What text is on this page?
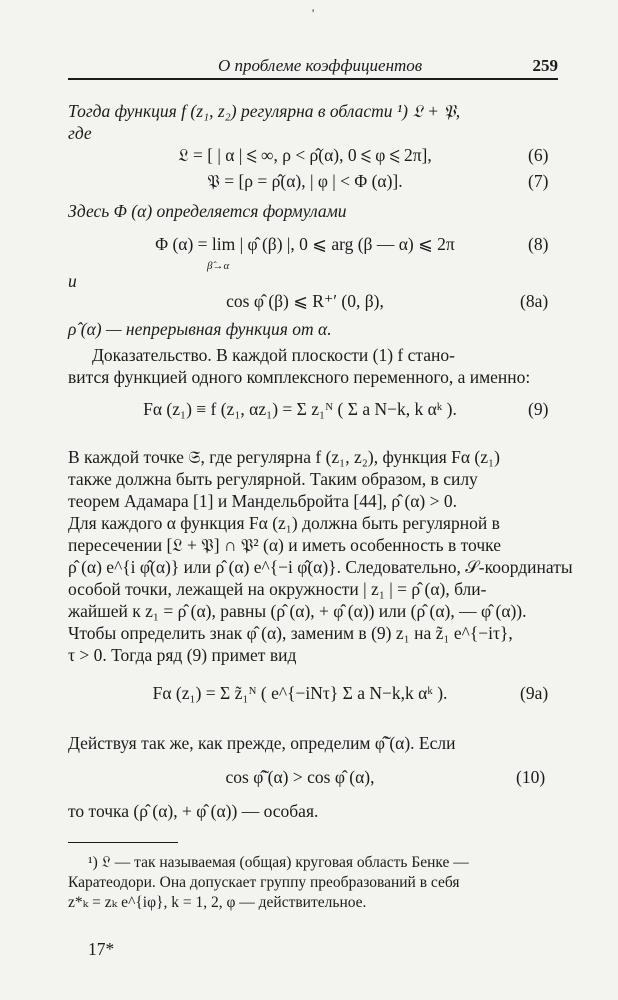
'
О проблеме коэффициентов	259
Тогда функция f (z₁, z₂) регулярна в области ¹) 𝔏 + 𝔓,
где
𝔏 = [ | α | ⩽ ∞, ρ < ρ̂(α), 0 ⩽ φ ⩽ 2π],	(6)
𝔓 = [ρ = ρ̂(α), | φ | < Φ (α)].	(7)
Здесь Φ (α) определяется формулами
Φ (α) = lim | φ̂ (β) |, 0 ⩽ arg (β — α) ⩽ 2π
β̂→α
(8)
и
cos φ̂ (β) ⩽ R⁺′ (0, β),	(8a)
ρ̂ (α) — непрерывная функция от α.
Доказательство. В каждой плоскости (1) f стано-
вится функцией одного комплексного переменного, а именно:
Fα (z₁) ≡ f (z₁, αz₁) = Σ z₁ᴺ ( Σ a N−k, k αᵏ ).	(9)
В каждой точке 𝔖, где регулярна f (z₁, z₂), функция Fα (z₁)
также должна быть регулярной. Таким образом, в силу
теорем Адамара [1] и Мандельбройта [44], ρ̂ (α) > 0.
Для каждого α функция Fα (z₁) должна быть регулярной в
пересечении [𝔏 + 𝔓] ∩ 𝔓² (α) и иметь особенность в точке
ρ̂ (α) e^{i φ̂(α)} или ρ̂ (α) e^{−i φ̂(α)}. Следовательно, 𝒮-координаты
особой точки, лежащей на окружности | z₁ | = ρ̂ (α), бли-
жайшей к z₁ = ρ̂ (α), равны (ρ̂ (α), + φ̂ (α)) или (ρ̂ (α), — φ̂ (α)).
Чтобы определить знак φ̂ (α), заменим в (9) z₁ на z̃₁ e^{−iτ},
τ > 0. Тогда ряд (9) примет вид
Fα (z₁) = Σ z̃₁ᴺ ( e^{−iNτ} Σ a N−k,k αᵏ ).	(9a)
Действуя так же, как прежде, определим φ̃̂ (α). Если
cos φ̃̂ (α) > cos φ̂ (α),	(10)
то точка (ρ̂ (α), + φ̂ (α)) — особая.
¹) 𝔏 — так называемая (общая) круговая область Бенке —
Каратеодори. Она допускает группу преобразований в себя
z*ₖ = zₖ e^{iφ}, k = 1, 2, φ — действительное.
17*
